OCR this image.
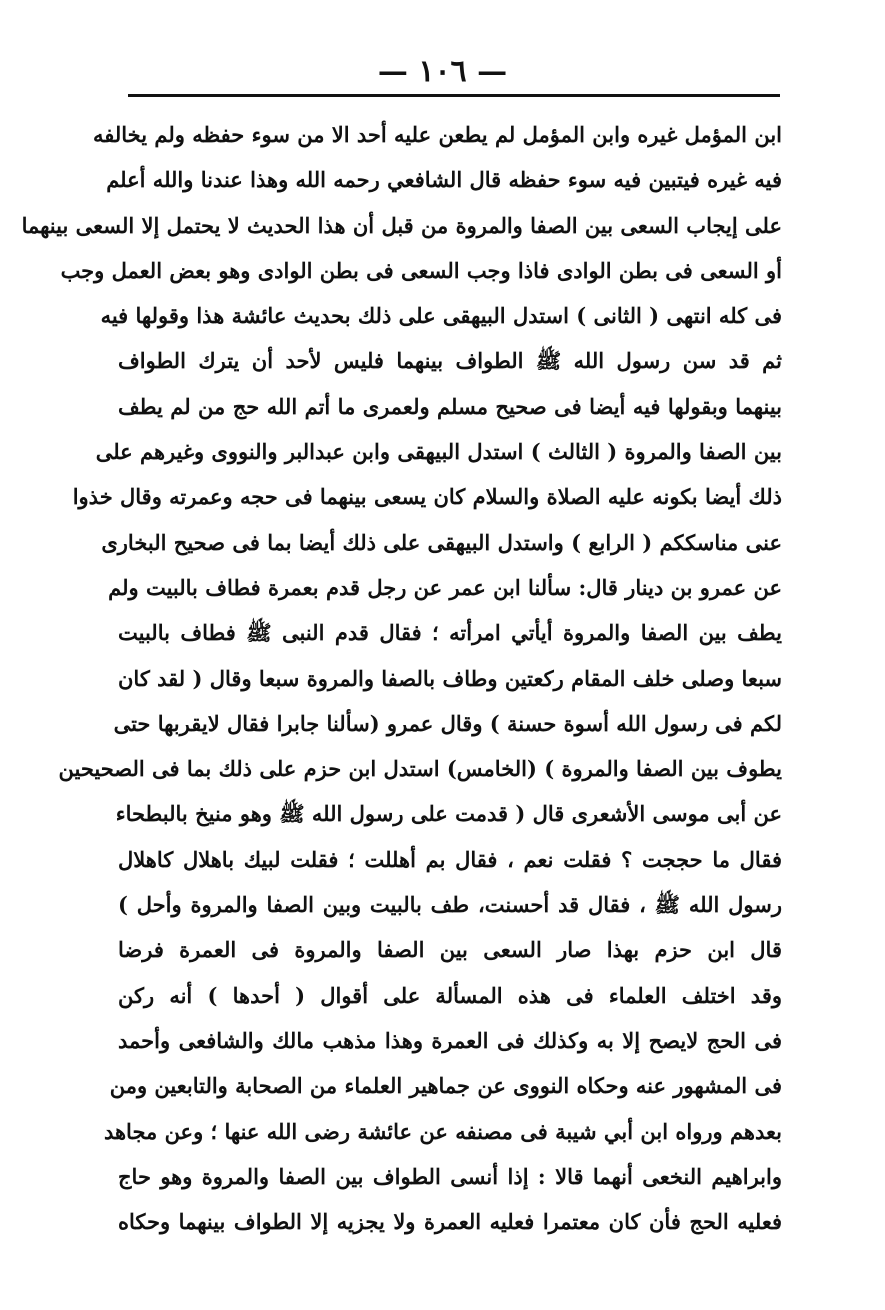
— ١٠٦ —
ابن المؤمل غيره وابن المؤمل لم يطعن عليه أحد الا من سوء حفظه ولم يخالفه
فيه غيره فيتبين فيه سوء حفظه قال الشافعي رحمه الله وهذا عندنا والله أعلم
على إيجاب السعى بين الصفا والمروة من قبل أن هذا الحديث لا يحتمل إلا السعى بينهما
أو السعى فى بطن الوادى فاذا وجب السعى فى بطن الوادى وهو بعض العمل وجب
فى كله انتهى ( الثانى ) استدل البيهقى على ذلك بحديث عائشة هذا وقولها فيه
ثم قد سن رسول الله ﷺ الطواف بينهما فليس لأحد أن يترك الطواف
بينهما وبقولها فيه أيضا فى صحيح مسلم ولعمرى ما أتم الله حج من لم يطف
بين الصفا والمروة ( الثالث ) استدل البيهقى وابن عبدالبر والنووى وغيرهم على
ذلك أيضا بكونه عليه الصلاة والسلام كان يسعى بينهما فى حجه وعمرته وقال خذوا
عنى مناسككم ( الرابع ) واستدل البيهقى على ذلك أيضا بما فى صحيح البخارى
عن عمرو بن دينار قال: سألنا ابن عمر عن رجل قدم بعمرة فطاف بالبيت ولم
يطف بين الصفا والمروة أيأتي امرأته ؛ فقال قدم النبى ﷺ فطاف بالبيت
سبعا وصلى خلف المقام ركعتين وطاف بالصفا والمروة سبعا وقال ( لقد كان
لكم فى رسول الله أسوة حسنة ) وقال عمرو (سألنا جابرا فقال لايقربها حتى
يطوف بين الصفا والمروة ) (الخامس) استدل ابن حزم على ذلك بما فى الصحيحين
عن أبى موسى الأشعرى قال ( قدمت على رسول الله ﷺ وهو منيخ بالبطحاء
فقال ما حججت ؟ فقلت نعم ، فقال بم أهللت ؛ فقلت لبيك باهلال كاهلال
رسول الله ﷺ ، فقال قد أحسنت، طف بالبيت وبين الصفا والمروة وأحل )
قال ابن حزم بهذا صار السعى بين الصفا والمروة فى العمرة فرضا
وقد اختلف العلماء فى هذه المسألة على أقوال ( أحدها ) أنه ركن
فى الحج لايصح إلا به وكذلك فى العمرة وهذا مذهب مالك والشافعى وأحمد
فى المشهور عنه وحكاه النووى عن جماهير العلماء من الصحابة والتابعين ومن
بعدهم ورواه ابن أبي شيبة فى مصنفه عن عائشة رضى الله عنها ؛ وعن مجاهد
وابراهيم النخعى أنهما قالا : إذا أنسى الطواف بين الصفا والمروة وهو حاج
فعليه الحج فأن كان معتمرا فعليه العمرة ولا يجزيه إلا الطواف بينهما وحكاه
